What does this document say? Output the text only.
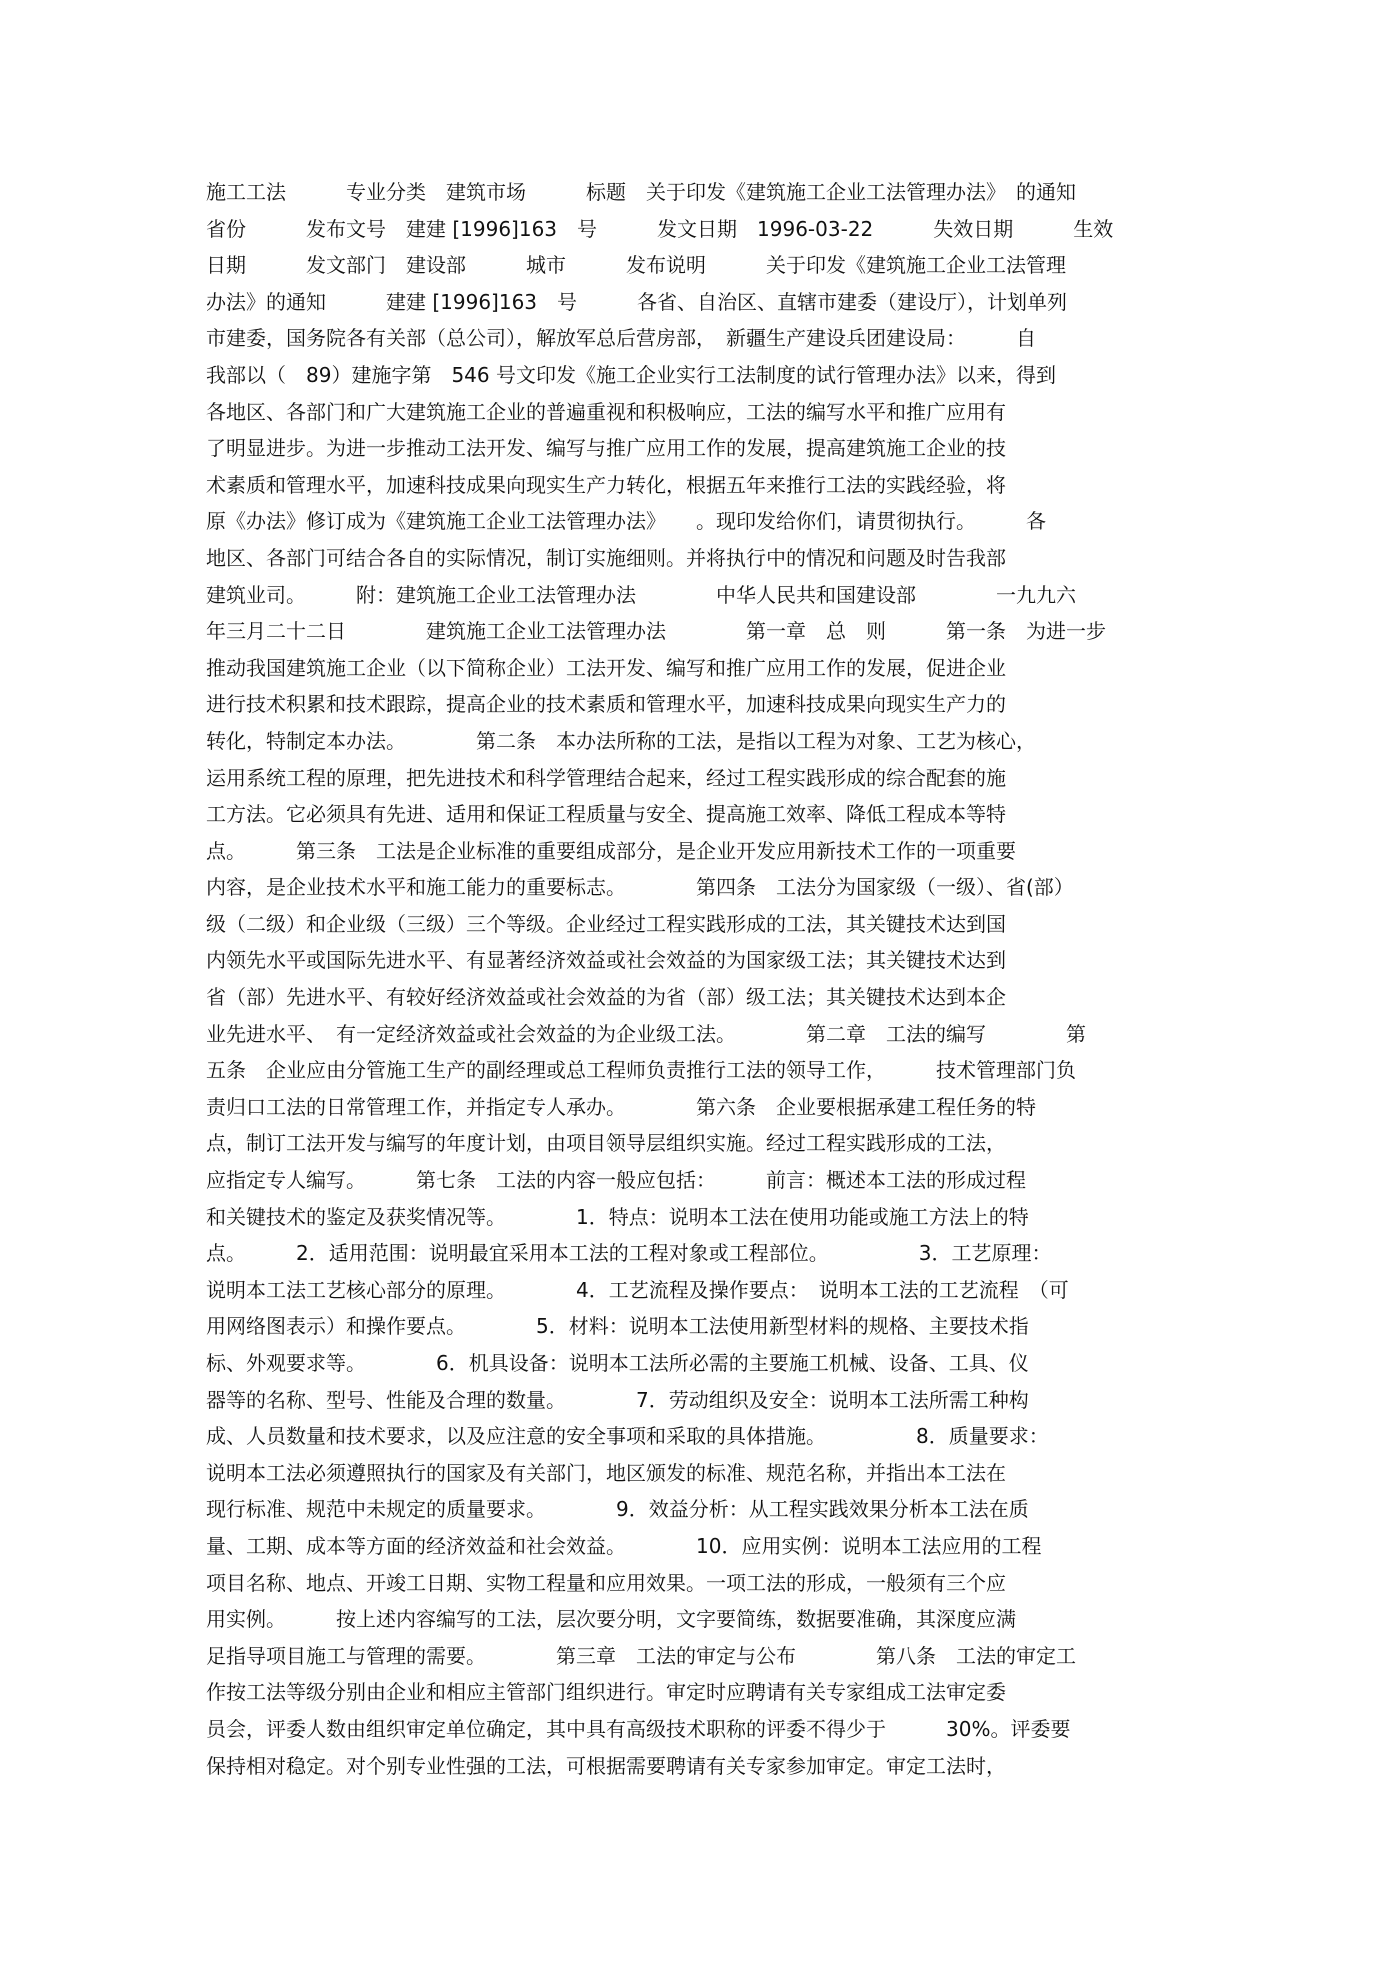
施工工法　　　专业分类　建筑市场　　　标题　关于印发《建筑施工企业工法管理办法》　的通知
省份　　　发布文号　建建 [1996]163　号　　　发文日期　1996-03-22　　　失效日期　　　生效
日期　　　发文部门　建设部　　　城市　　　发布说明　　　关于印发《建筑施工企业工法管理
办法》的通知　　　建建 [1996]163　号　　　各省、自治区、直辖市建委（建设厅），计划单列
市建委，国务院各有关部（总公司），解放军总后营房部，　新疆生产建设兵团建设局：　　　自
我部以（　89）建施字第　546 号文印发《施工企业实行工法制度的试行管理办法》以来，得到
各地区、各部门和广大建筑施工企业的普遍重视和积极响应，工法的编写水平和推广应用有
了明显进步。为进一步推动工法开发、编写与推广应用工作的发展，提高建筑施工企业的技
术素质和管理水平，加速科技成果向现实生产力转化，根据五年来推行工法的实践经验，将
原《办法》修订成为《建筑施工企业工法管理办法》　　。现印发给你们，请贯彻执行。　　　各
地区、各部门可结合各自的实际情况，制订实施细则。并将执行中的情况和问题及时告我部
建筑业司。　　　附：建筑施工企业工法管理办法　　　　中华人民共和国建设部　　　　一九九六
年三月二十二日　　　　建筑施工企业工法管理办法　　　　第一章　总　则　　　第一条　为进一步
推动我国建筑施工企业（以下简称企业）工法开发、编写和推广应用工作的发展，促进企业
进行技术积累和技术跟踪，提高企业的技术素质和管理水平，加速科技成果向现实生产力的
转化，特制定本办法。　　　　第二条　本办法所称的工法，是指以工程为对象、工艺为核心，
运用系统工程的原理，把先进技术和科学管理结合起来，经过工程实践形成的综合配套的施
工方法。它必须具有先进、适用和保证工程质量与安全、提高施工效率、降低工程成本等特
点。　　　第三条　工法是企业标准的重要组成部分，是企业开发应用新技术工作的一项重要
内容，是企业技术水平和施工能力的重要标志。　　　　第四条　工法分为国家级（一级）、省(部）
级（二级）和企业级（三级）三个等级。企业经过工程实践形成的工法，其关键技术达到国
内领先水平或国际先进水平、有显著经济效益或社会效益的为国家级工法；其关键技术达到
省（部）先进水平、有较好经济效益或社会效益的为省（部）级工法；其关键技术达到本企
业先进水平、　有一定经济效益或社会效益的为企业级工法。　　　　第二章　工法的编写　　　　第
五条　企业应由分管施工生产的副经理或总工程师负责推行工法的领导工作，　　　技术管理部门负
责归口工法的日常管理工作，并指定专人承办。　　　　第六条　企业要根据承建工程任务的特
点，制订工法开发与编写的年度计划，由项目领导层组织实施。经过工程实践形成的工法，
应指定专人编写。　　　第七条　工法的内容一般应包括：　　　前言：概述本工法的形成过程
和关键技术的鉴定及获奖情况等。　　　　1．特点：说明本工法在使用功能或施工方法上的特
点。　　　2．适用范围：说明最宜采用本工法的工程对象或工程部位。　　　　　3．工艺原理：
说明本工法工艺核心部分的原理。　　　　4．工艺流程及操作要点：　说明本工法的工艺流程　（可
用网络图表示）和操作要点。　　　　5．材料：说明本工法使用新型材料的规格、主要技术指
标、外观要求等。　　　　6．机具设备：说明本工法所必需的主要施工机械、设备、工具、仪
器等的名称、型号、性能及合理的数量。　　　　7．劳动组织及安全：说明本工法所需工种构
成、人员数量和技术要求，以及应注意的安全事项和采取的具体措施。　　　　　8．质量要求：
说明本工法必须遵照执行的国家及有关部门，地区颁发的标准、规范名称，并指出本工法在
现行标准、规范中未规定的质量要求。　　　　9．效益分析：从工程实践效果分析本工法在质
量、工期、成本等方面的经济效益和社会效益。　　　　10．应用实例：说明本工法应用的工程
项目名称、地点、开竣工日期、实物工程量和应用效果。一项工法的形成，一般须有三个应
用实例。　　　按上述内容编写的工法，层次要分明，文字要简练，数据要准确，其深度应满
足指导项目施工与管理的需要。　　　　第三章　工法的审定与公布　　　　第八条　工法的审定工
作按工法等级分别由企业和相应主管部门组织进行。审定时应聘请有关专家组成工法审定委
员会，评委人数由组织审定单位确定，其中具有高级技术职称的评委不得少于　　　30%。评委要
保持相对稳定。对个别专业性强的工法，可根据需要聘请有关专家参加审定。审定工法时，
